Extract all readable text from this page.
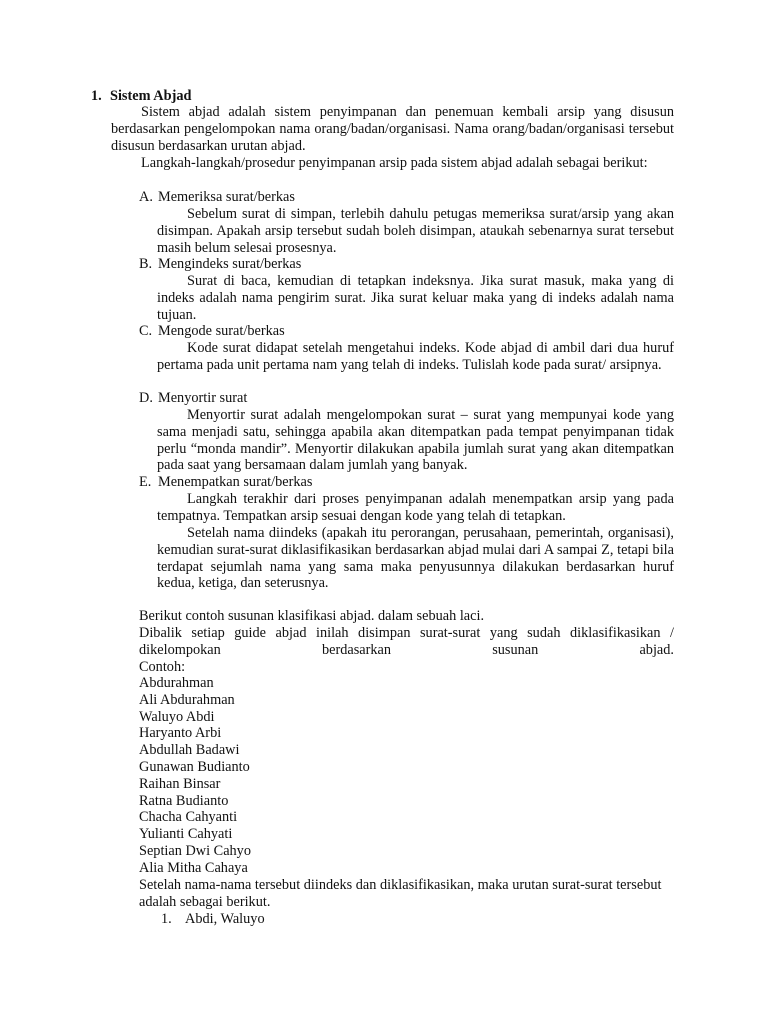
1. Sistem Abjad

Sistem abjad adalah sistem penyimpanan dan penemuan kembali arsip yang disusun berdasarkan pengelompokan nama orang/badan/organisasi. Nama orang/badan/organisasi tersebut disusun berdasarkan urutan abjad.

Langkah-langkah/prosedur penyimpanan arsip pada sistem abjad adalah sebagai berikut:

A. Memeriksa surat/berkas

Sebelum surat di simpan, terlebih dahulu petugas memeriksa surat/arsip yang akan disimpan. Apakah arsip tersebut sudah boleh disimpan, ataukah sebenarnya surat tersebut masih belum selesai prosesnya.

B. Mengindeks surat/berkas

Surat di baca, kemudian di tetapkan indeksnya. Jika surat masuk, maka yang di indeks adalah nama pengirim surat. Jika surat keluar maka yang di indeks adalah nama tujuan.

C. Mengode surat/berkas

Kode surat didapat setelah mengetahui indeks. Kode abjad di ambil dari dua huruf pertama pada unit pertama nam yang telah di indeks. Tulislah kode pada surat/ arsipnya.

D. Menyortir surat

Menyortir surat adalah mengelompokan surat – surat yang mempunyai kode yang sama menjadi satu, sehingga apabila akan ditempatkan pada tempat penyimpanan tidak perlu “monda mandir”. Menyortir dilakukan apabila jumlah surat yang akan ditempatkan pada saat yang bersamaan dalam jumlah yang banyak.

E. Menempatkan surat/berkas

Langkah terakhir dari proses penyimpanan adalah menempatkan arsip yang pada tempatnya. Tempatkan arsip sesuai dengan kode yang telah di tetapkan.

Setelah nama diindeks (apakah itu perorangan, perusahaan, pemerintah, organisasi), kemudian surat-surat diklasifikasikan berdasarkan abjad mulai dari A sampai Z, tetapi bila terdapat sejumlah nama yang sama maka penyusunnya dilakukan berdasarkan huruf kedua, ketiga, dan seterusnya.

Berikut contoh susunan klasifikasi abjad. dalam sebuah laci.

Dibalik setiap guide abjad inilah disimpan surat-surat yang sudah diklasifikasikan / dikelompokan berdasarkan susunan abjad.

Contoh:

Abdurahman
Ali Abdurahman
Waluyo Abdi
Haryanto Arbi
Abdullah Badawi
Gunawan Budianto
Raihan Binsar
Ratna Budianto
Chacha Cahyanti
Yulianti Cahyati
Septian Dwi Cahyo
Alia Mitha Cahaya

Setelah nama-nama tersebut diindeks dan diklasifikasikan, maka urutan surat-surat tersebut adalah sebagai berikut.

1. Abdi, Waluyo
